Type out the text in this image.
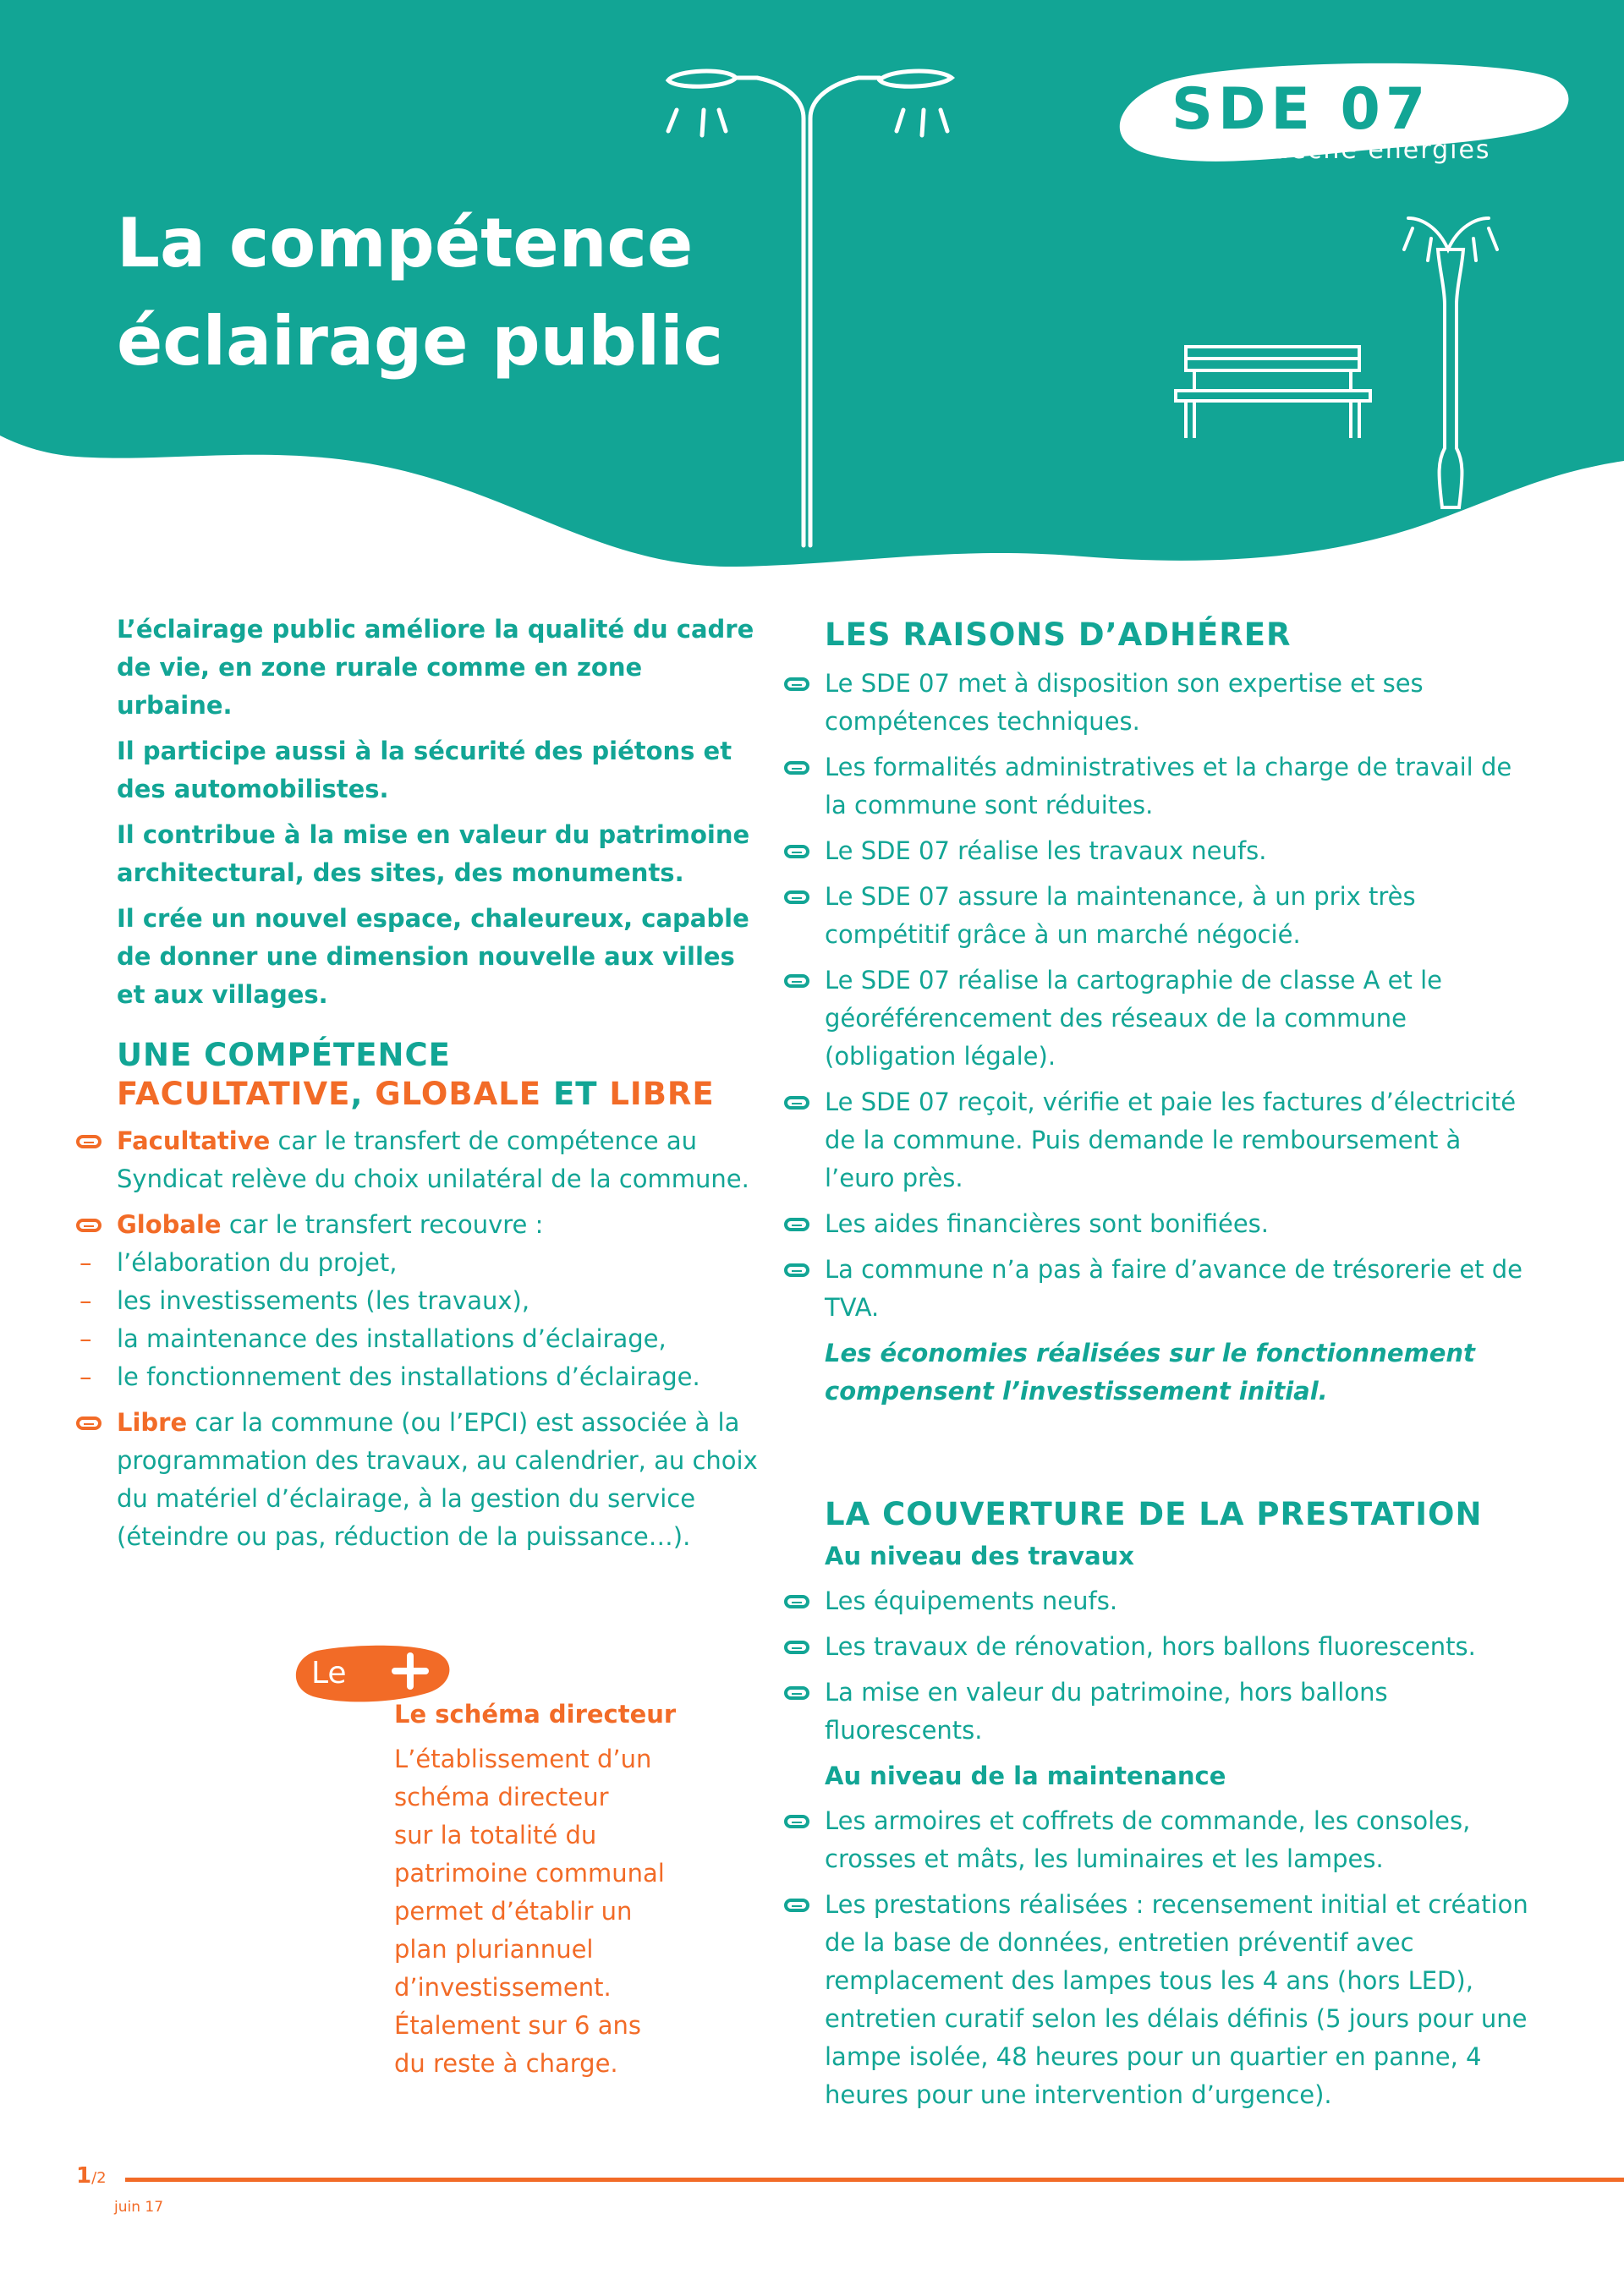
SDE 07
Ardèche énergies
La compétence
éclairage public

L’éclairage public améliore la qualité du cadre de vie, en zone rurale comme en zone urbaine.

Il participe aussi à la sécurité des piétons et des automobilistes.

Il contribue à la mise en valeur du patrimoine architectural, des sites, des monuments.

Il crée un nouvel espace, chaleureux, capable de donner une dimension nouvelle aux villes et aux villages.

UNE COMPÉTENCE
FACULTATIVE, GLOBALE ET LIBRE

Facultative car le transfert de compétence au Syndicat relève du choix unilatéral de la commune.

Globale car le transfert recouvre :

– l’élaboration du projet,

– les investissements (les travaux),

– la maintenance des installations d’éclairage,

– le fonctionnement des installations d’éclairage.

Libre car la commune (ou l’EPCI) est associée à la programmation des travaux, au calendrier, au choix du matériel d’éclairage, à la gestion du service (éteindre ou pas, réduction de la puissance…).

Le

Le schéma directeur

L’établissement d’un

schéma directeur

sur la totalité du

patrimoine communal

permet d’établir un

plan pluriannuel

d’investissement.

Étalement sur 6 ans

du reste à charge.

LES RAISONS D’ADHÉRER

Le SDE 07 met à disposition son expertise et ses compétences techniques.

Les formalités administratives et la charge de travail de la commune sont réduites.

Le SDE 07 réalise les travaux neufs.

Le SDE 07 assure la maintenance, à un prix très compétitif grâce à un marché négocié.

Le SDE 07 réalise la cartographie de classe A et le géoréférencement des réseaux de la commune (obligation légale).

Le SDE 07 reçoit, vérifie et paie les factures d’électricité de la commune. Puis demande le remboursement à l’euro près.

Les aides financières sont bonifiées.

La commune n’a pas à faire d’avance de trésorerie et de TVA.

Les économies réalisées sur le fonctionnement compensent l’investissement initial.

LA COUVERTURE DE LA PRESTATION

Au niveau des travaux

Les équipements neufs.

Les travaux de rénovation, hors ballons fluorescents.

La mise en valeur du patrimoine, hors ballons fluorescents.

Au niveau de la maintenance

Les armoires et coffrets de commande, les consoles, crosses et mâts, les luminaires et les lampes.

Les prestations réalisées : recensement initial et création de la base de données, entretien préventif avec remplacement des lampes tous les 4 ans (hors LED), entretien curatif selon les délais définis (5 jours pour une lampe isolée, 48 heures pour un quartier en panne, 4 heures pour une intervention d’urgence).

1/2
juin 17
